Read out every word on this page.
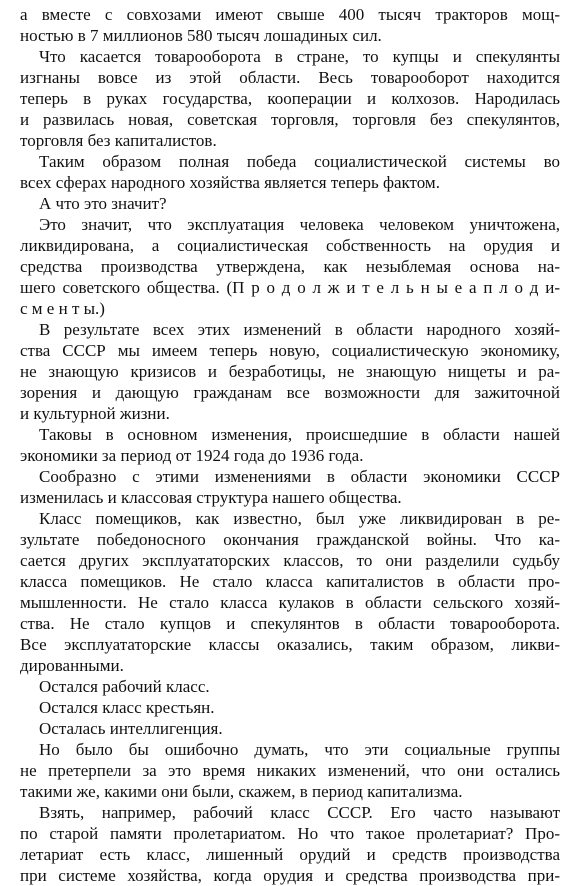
а вместе с совхозами имеют свыше 400 тысяч тракторов мощ-
ностью в 7 миллионов 580 тысяч лошадиных сил.
Что касается товарооборота в стране, то купцы и спекулянты
изгнаны вовсе из этой области. Весь товарооборот находится
теперь в руках государства, кооперации и колхозов. Народилась
и развилась новая, советская торговля, торговля без спекулянтов,
торговля без капиталистов.
Таким образом полная победа социалистической системы во
всех сферах народного хозяйства является теперь фактом.
А что это значит?
Это значит, что эксплуатация человека человеком уничтожена,
ликвидирована, а социалистическая собственность на орудия и
средства производства утверждена, как незыблемая основа на-
шего советского общества. (П р о д о л ж и т е л ь н ы е а п л о д и-
с м е н т ы.)
В результате всех этих изменений в области народного хозяй-
ства СССР мы имеем теперь новую, социалистическую экономику,
не знающую кризисов и безработицы, не знающую нищеты и ра-
зорения и дающую гражданам все возможности для зажиточной
и культурной жизни.
Таковы в основном изменения, происшедшие в области нашей
экономики за период от 1924 года до 1936 года.
Сообразно с этими изменениями в области экономики СССР
изменилась и классовая структура нашего общества.
Класс помещиков, как известно, был уже ликвидирован в ре-
зультате победоносного окончания гражданской войны. Что ка-
сается других эксплуататорских классов, то они разделили судьбу
класса помещиков. Не стало класса капиталистов в области про-
мышленности. Не стало класса кулаков в области сельского хозяй-
ства. Не стало купцов и спекулянтов в области товарооборота.
Все эксплуататорские классы оказались, таким образом, ликви-
дированными.
Остался рабочий класс.
Остался класс крестьян.
Осталась интеллигенция.
Но было бы ошибочно думать, что эти социальные группы
не претерпели за это время никаких изменений, что они остались
такими же, какими они были, скажем, в период капитализма.
Взять, например, рабочий класс СССР. Его часто называют
по старой памяти пролетариатом. Но что такое пролетариат? Про-
летариат есть класс, лишенный орудий и средств производства
при системе хозяйства, когда орудия и средства производства при-
